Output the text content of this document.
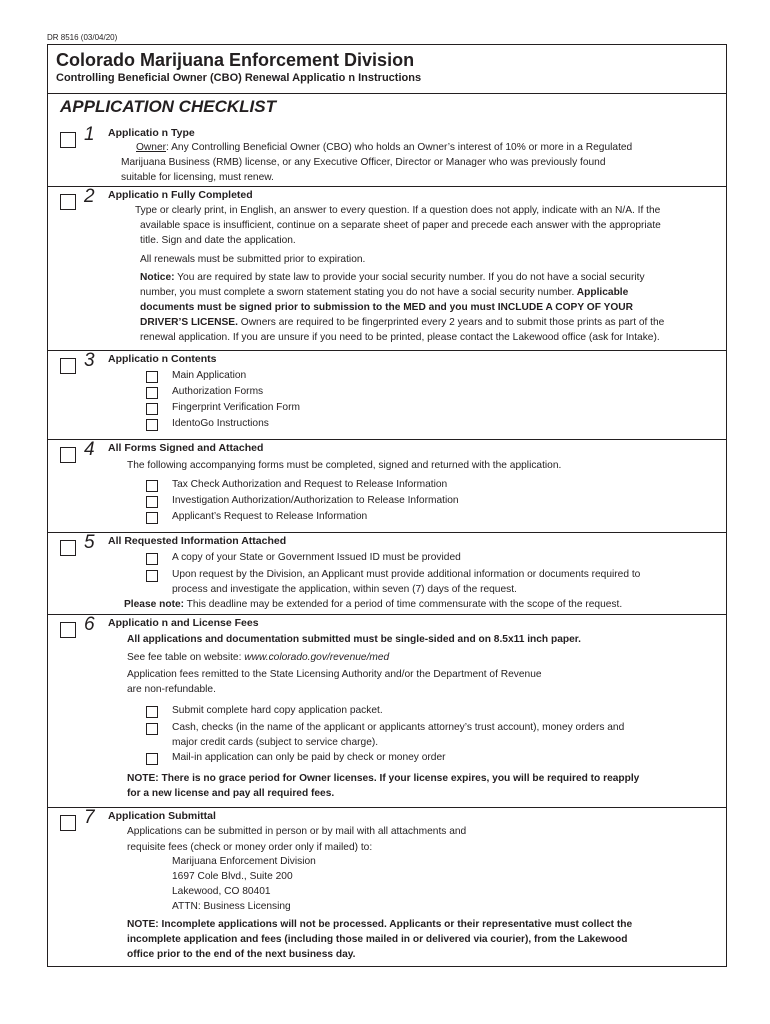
DR 8516 (03/04/20)
Colorado Marijuana Enforcement Division
Controlling Beneficial Owner (CBO) Renewal Applicatio n Instructions
APPLICATION CHECKLIST
1 Applicatio n Type
Owner: Any Controlling Beneficial Owner (CBO) who holds an Owner’s interest of 10% or more in a Regulated
Marijuana Business (RMB) license, or any Executive Officer, Director or Manager who was previously found
suitable for licensing, must renew.
2 Applicatio n Fully Completed
Type or clearly print, in English, an answer to every question. If a question does not apply, indicate with an N/A. If the
available space is insufficient, continue on a separate sheet of paper and precede each answer with the appropriate
title. Sign and date the application.
All renewals must be submitted prior to expiration.
Notice: You are required by state law to provide your social security number. If you do not have a social security
number, you must complete a sworn statement stating you do not have a social security number. Applicable
documents must be signed prior to submission to the MED and you must INCLUDE A COPY OF YOUR
DRIVER’S LICENSE. Owners are required to be fingerprinted every 2 years and to submit those prints as part of the
renewal application. If you are unsure if you need to be printed, please contact the Lakewood office (ask for Intake).
3 Applicatio n Contents
Main Application
Authorization Forms
Fingerprint Verification Form
IdentoGo Instructions
4 All Forms Signed and Attached
The following accompanying forms must be completed, signed and returned with the application.
Tax Check Authorization and Request to Release Information
Investigation Authorization/Authorization to Release Information
Applicant’s Request to Release Information
5 All Requested Information Attached
A copy of your State or Government Issued ID must be provided
Upon request by the Division, an Applicant must provide additional information or documents required to
process and investigate the application, within seven (7) days of the request.
Please note: This deadline may be extended for a period of time commensurate with the scope of the request.
6 Applicatio n and License Fees
All applications and documentation submitted must be single-sided and on 8.5x11 inch paper.
See fee table on website: www.colorado.gov/revenue/med
Application fees remitted to the State Licensing Authority and/or the Department of Revenue
are non-refundable.
Submit complete hard copy application packet.
Cash, checks (in the name of the applicant or applicants attorney’s trust account), money orders and
major credit cards (subject to service charge).
Mail-in application can only be paid by check or money order
NOTE: There is no grace period for Owner licenses. If your license expires, you will be required to reapply
for a new license and pay all required fees.
7 Application Submittal
Applications can be submitted in person or by mail with all attachments and
requisite fees (check or money order only if mailed) to:
Marijuana Enforcement Division
1697 Cole Blvd., Suite 200
Lakewood, CO 80401
ATTN: Business Licensing
NOTE: Incomplete applications will not be processed. Applicants or their representative must collect the
incomplete application and fees (including those mailed in or delivered via courier), from the Lakewood
office prior to the end of the next business day.
